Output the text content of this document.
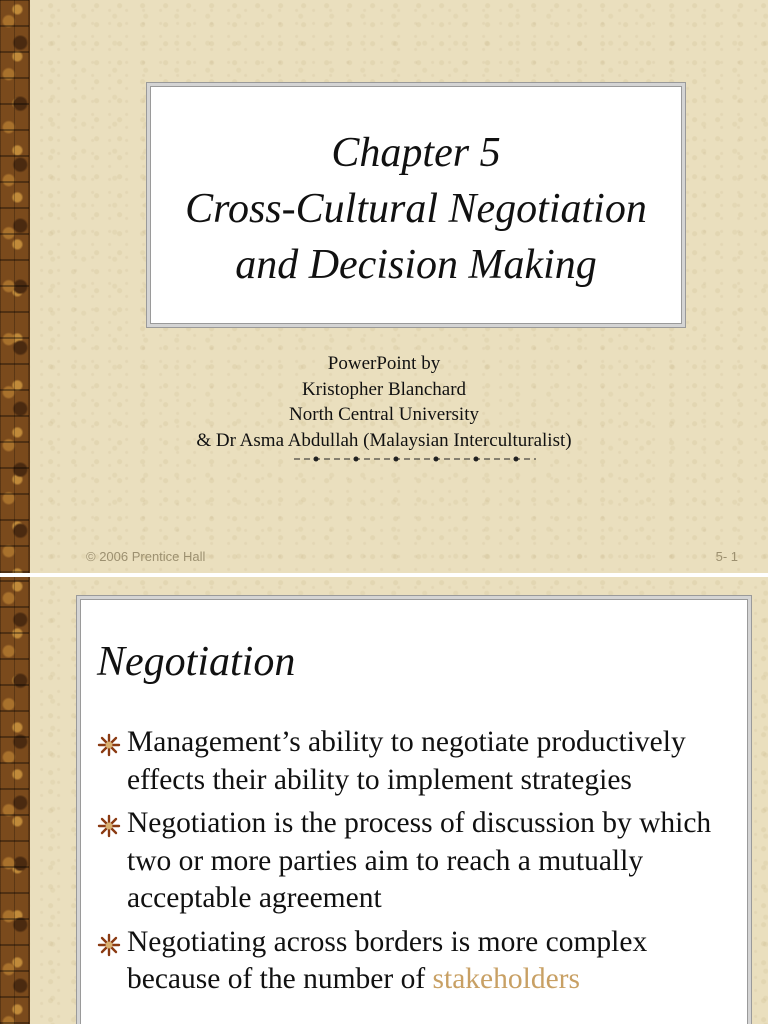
Chapter 5
Cross-Cultural Negotiation
and Decision Making
PowerPoint by
Kristopher Blanchard
North Central University
& Dr Asma Abdullah (Malaysian Interculturalist)
© 2006 Prentice Hall	5- 1
Negotiation
Management’s ability to negotiate productively effects their ability to implement strategies
Negotiation is the process of discussion by which two or more parties aim to reach a mutually acceptable agreement
Negotiating across borders is more complex because of the number of stakeholders
